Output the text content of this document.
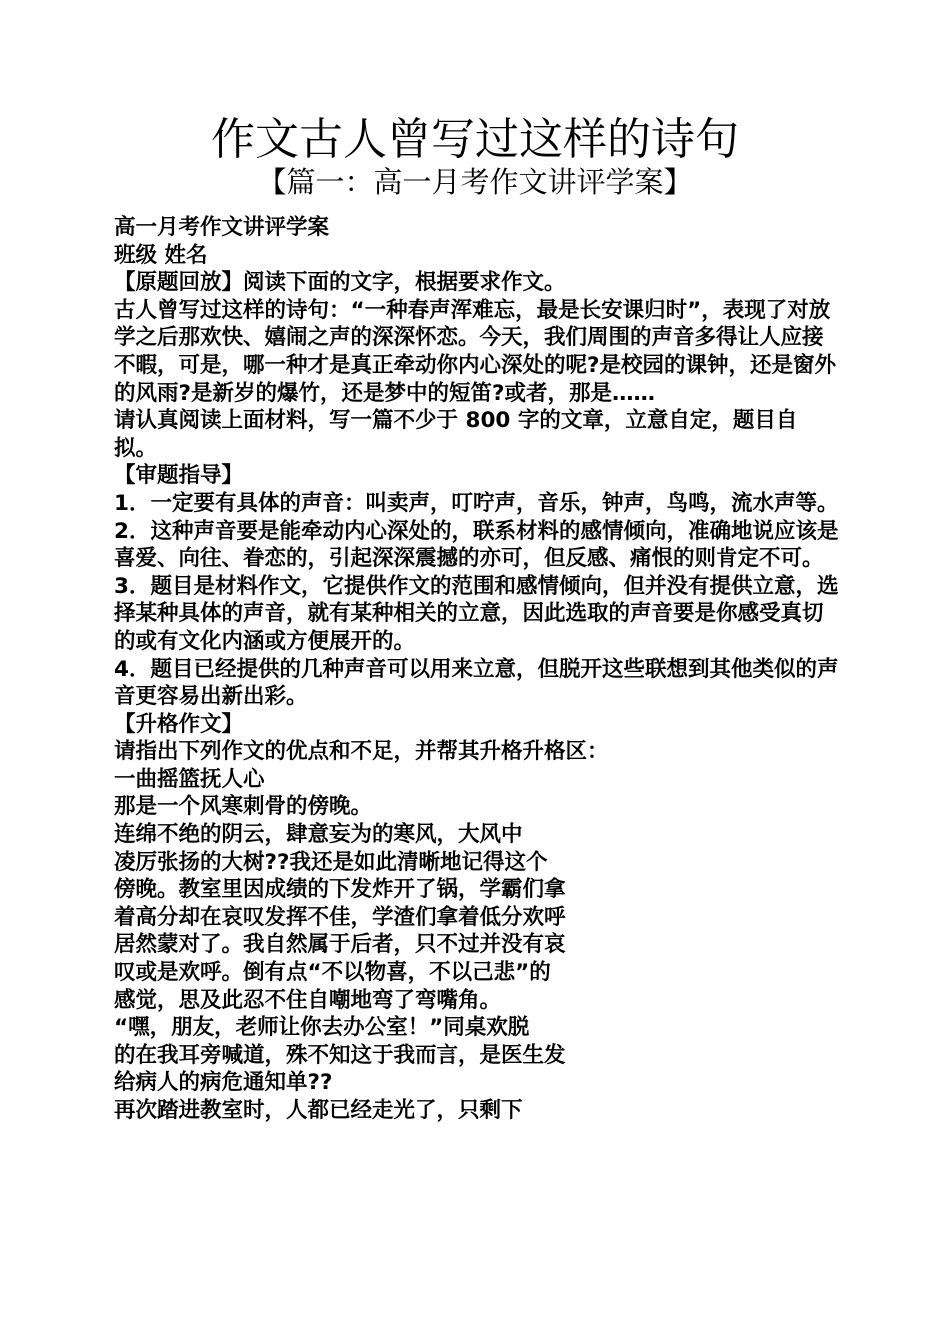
作文古人曾写过这样的诗句
【篇一：高一月考作文讲评学案】

高一月考作文讲评学案

班级 姓名

【原题回放】阅读下面的文字，根据要求作文。

古人曾写过这样的诗句：“一种春声浑难忘，最是长安课归时”，表现了对放学之后那欢快、嬉闹之声的深深怀恋。今天，我们周围的声音多得让人应接不暇，可是，哪一种才是真正牵动你内心深处的呢?是校园的课钟，还是窗外的风雨?是新岁的爆竹，还是梦中的短笛?或者，那是……

请认真阅读上面材料，写一篇不少于 800 字的文章，立意自定，题目自拟。

【审题指导】

1．一定要有具体的声音：叫卖声，叮咛声，音乐，钟声，鸟鸣，流水声等。

2．这种声音要是能牵动内心深处的，联系材料的感情倾向，准确地说应该是喜爱、向往、眷恋的，引起深深震撼的亦可，但反感、痛恨的则肯定不可。

3．题目是材料作文，它提供作文的范围和感情倾向，但并没有提供立意，选择某种具体的声音，就有某种相关的立意，因此选取的声音要是你感受真切的或有文化内涵或方便展开的。

4．题目已经提供的几种声音可以用来立意，但脱开这些联想到其他类似的声音更容易出新出彩。

【升格作文】

请指出下列作文的优点和不足，并帮其升格升格区：

一曲摇篮抚人心

那是一个风寒刺骨的傍晚。

连绵不绝的阴云，肆意妄为的寒风，大风中

凌厉张扬的大树??我还是如此清晰地记得这个

傍晚。教室里因成绩的下发炸开了锅，学霸们拿

着高分却在哀叹发挥不佳，学渣们拿着低分欢呼

居然蒙对了。我自然属于后者，只不过并没有哀

叹或是欢呼。倒有点“不以物喜，不以己悲”的

感觉，思及此忍不住自嘲地弯了弯嘴角。

“嘿，朋友，老师让你去办公室！”同桌欢脱

的在我耳旁喊道，殊不知这于我而言，是医生发

给病人的病危通知单??

再次踏进教室时，人都已经走光了，只剩下
